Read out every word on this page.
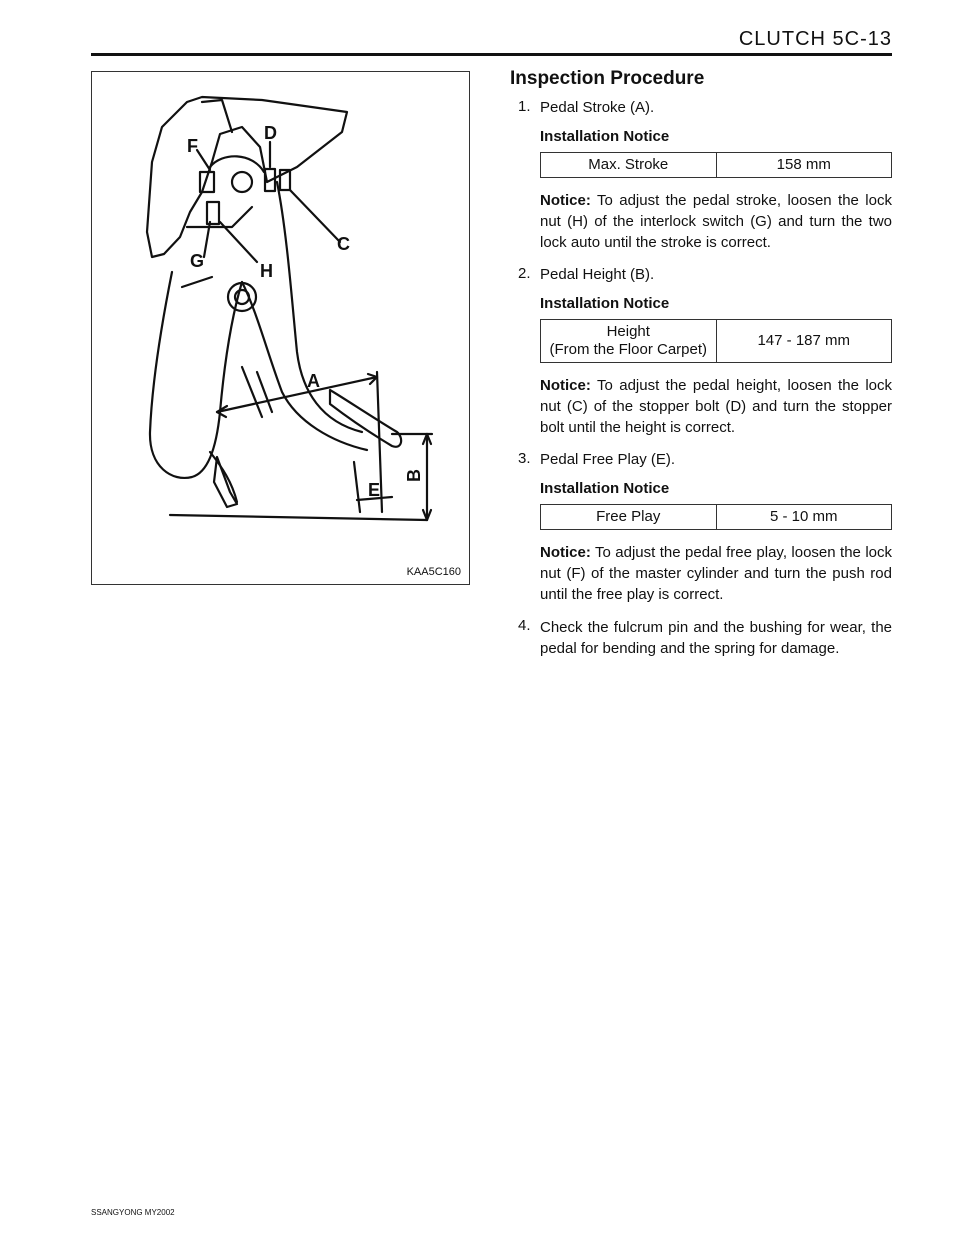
CLUTCH 5C-13
F
D
C
G	H
A
B
E
KAA5C160
Inspection Procedure
1. Pedal Stroke (A).
Installation Notice
Max. Stroke	158 mm
Notice: To adjust the pedal stroke, loosen the lock nut (H) of the interlock switch (G) and turn the two lock auto until the stroke is correct.
2. Pedal Height (B).
Installation Notice
Height
(From the Floor Carpet)
	147 - 187 mm
Notice: To adjust the pedal height, loosen the lock nut (C) of the stopper bolt (D) and turn the stopper bolt until the height is correct.
3. Pedal Free Play (E).
Installation Notice
Free Play	5 - 10 mm
Notice: To adjust the pedal free play, loosen the lock nut (F) of the master cylinder and turn the push rod until the free play is correct.
4. Check the fulcrum pin and the bushing for wear, the pedal for bending and the spring for damage.
SSANGYONG MY2002
